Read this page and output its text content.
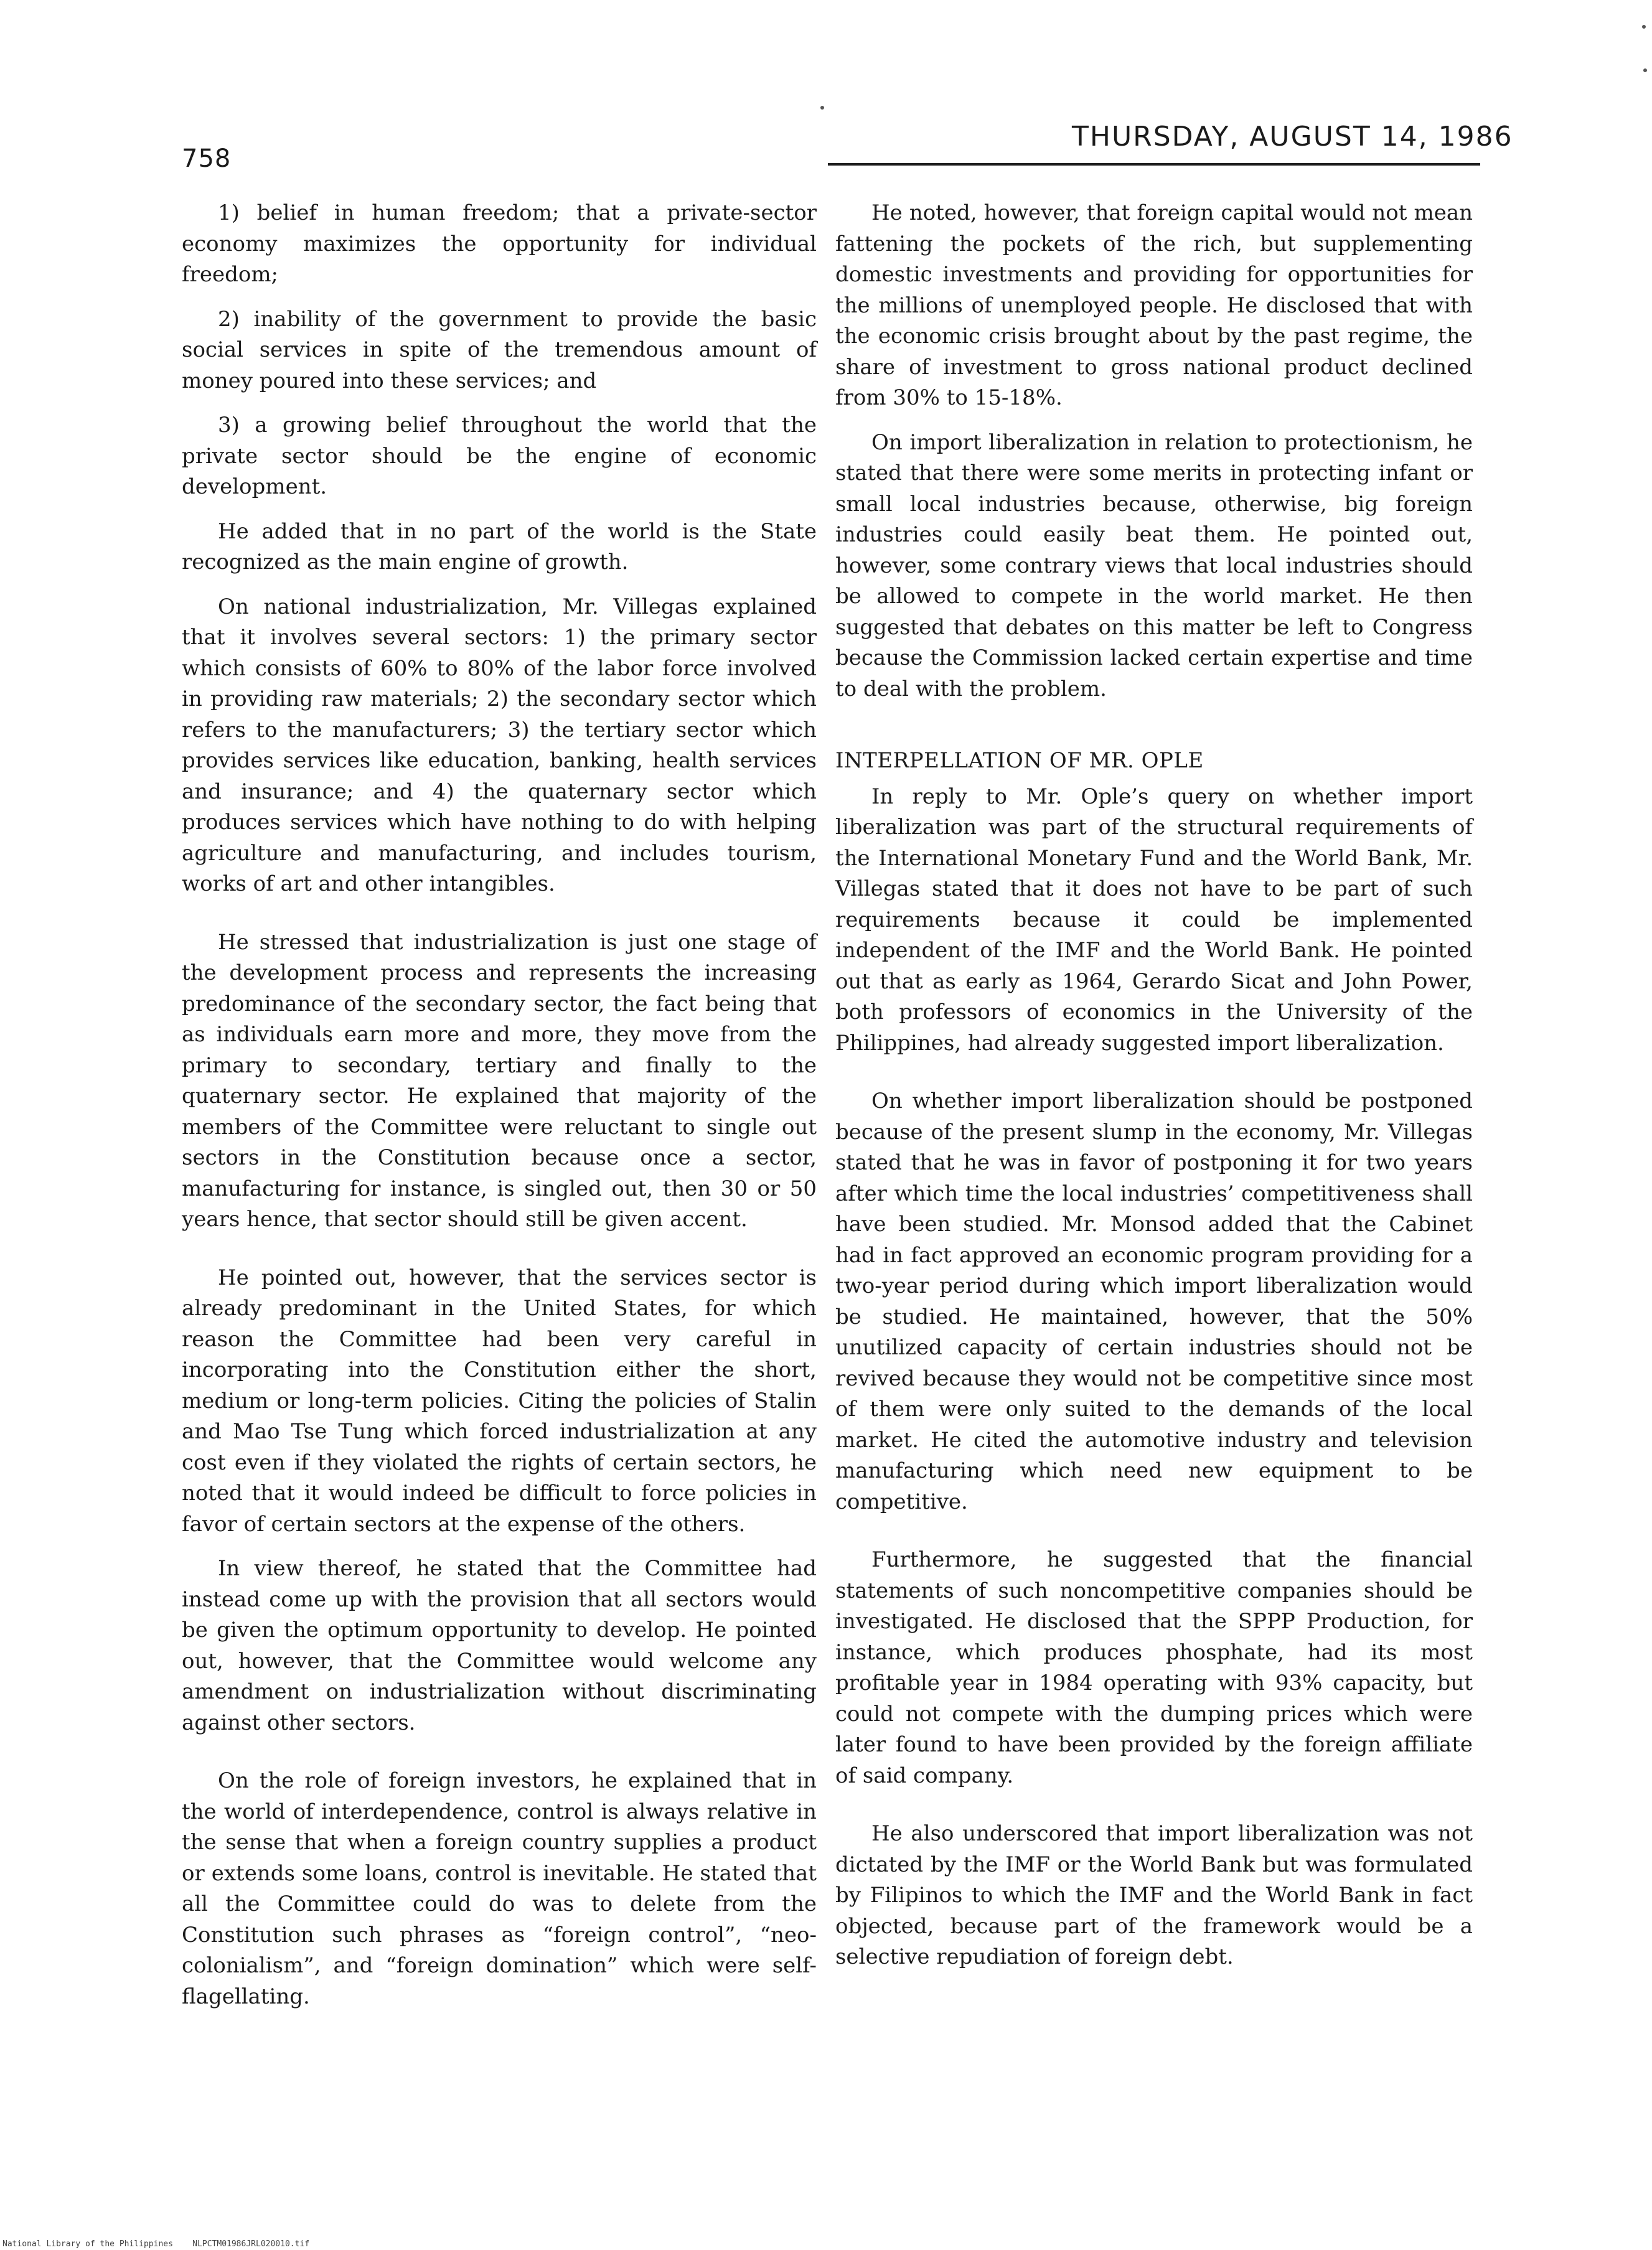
758
THURSDAY, AUGUST 14, 1986

1) belief in human freedom; that a private-sector economy maximizes the opportunity for individual freedom;

2) inability of the government to provide the basic social services in spite of the tremendous amount of money poured into these services; and

3) a growing belief throughout the world that the private sector should be the engine of economic development.

He added that in no part of the world is the State recognized as the main engine of growth.

On national industrialization, Mr. Villegas explained that it involves several sectors: 1) the primary sector which consists of 60% to 80% of the labor force involved in providing raw materials; 2) the secondary sector which refers to the manufacturers; 3) the tertiary sector which provides services like education, banking, health services and insurance; and 4) the quaternary sector which produces services which have nothing to do with helping agriculture and manufacturing, and includes tourism, works of art and other intangibles.

He stressed that industrialization is just one stage of the development process and represents the increasing predominance of the secondary sector, the fact being that as individuals earn more and more, they move from the primary to secondary, tertiary and finally to the quaternary sector. He explained that majority of the members of the Committee were reluctant to single out sectors in the Constitution because once a sector, manufacturing for instance, is singled out, then 30 or 50 years hence, that sector should still be given accent.

He pointed out, however, that the services sector is already predominant in the United States, for which reason the Committee had been very careful in incorporating into the Constitution either the short, medium or long-term policies. Citing the policies of Stalin and Mao Tse Tung which forced industrialization at any cost even if they violated the rights of certain sectors, he noted that it would indeed be difficult to force policies in favor of certain sectors at the expense of the others.

In view thereof, he stated that the Committee had instead come up with the provision that all sectors would be given the optimum opportunity to develop. He pointed out, however, that the Committee would welcome any amendment on industrialization without discriminating against other sectors.

On the role of foreign investors, he explained that in the world of interdependence, control is always relative in the sense that when a foreign country supplies a product or extends some loans, control is inevitable. He stated that all the Committee could do was to delete from the Constitution such phrases as “foreign control”, “neo-colonialism”, and “foreign domination” which were self-flagellating.

He noted, however, that foreign capital would not mean fattening the pockets of the rich, but supplementing domestic investments and providing for opportunities for the millions of unemployed people. He disclosed that with the economic crisis brought about by the past regime, the share of investment to gross national product declined from 30% to 15-18%.

On import liberalization in relation to protectionism, he stated that there were some merits in protecting infant or small local industries because, otherwise, big foreign industries could easily beat them. He pointed out, however, some contrary views that local industries should be allowed to compete in the world market. He then suggested that debates on this matter be left to Congress because the Commission lacked certain expertise and time to deal with the problem.

INTERPELLATION OF MR. OPLE

In reply to Mr. Ople’s query on whether import liberalization was part of the structural requirements of the International Monetary Fund and the World Bank, Mr. Villegas stated that it does not have to be part of such requirements because it could be implemented independent of the IMF and the World Bank. He pointed out that as early as 1964, Gerardo Sicat and John Power, both professors of economics in the University of the Philippines, had already suggested import liberalization.

On whether import liberalization should be postponed because of the present slump in the economy, Mr. Villegas stated that he was in favor of postponing it for two years after which time the local industries’ competitiveness shall have been studied. Mr. Monsod added that the Cabinet had in fact approved an economic program providing for a two-year period during which import liberalization would be studied. He maintained, however, that the 50% unutilized capacity of certain industries should not be revived because they would not be competitive since most of them were only suited to the demands of the local market. He cited the automotive industry and television manufacturing which need new equipment to be competitive.

Furthermore, he suggested that the financial statements of such noncompetitive companies should be investigated. He disclosed that the SPPP Production, for instance, which produces phosphate, had its most profitable year in 1984 operating with 93% capacity, but could not compete with the dumping prices which were later found to have been provided by the foreign affiliate of said company.

He also underscored that import liberalization was not dictated by the IMF or the World Bank but was formulated by Filipinos to which the IMF and the World Bank in fact objected, because part of the framework would be a selective repudiation of foreign debt.

National Library of the Philippines    NLPCTM01986JRL020010.tif
